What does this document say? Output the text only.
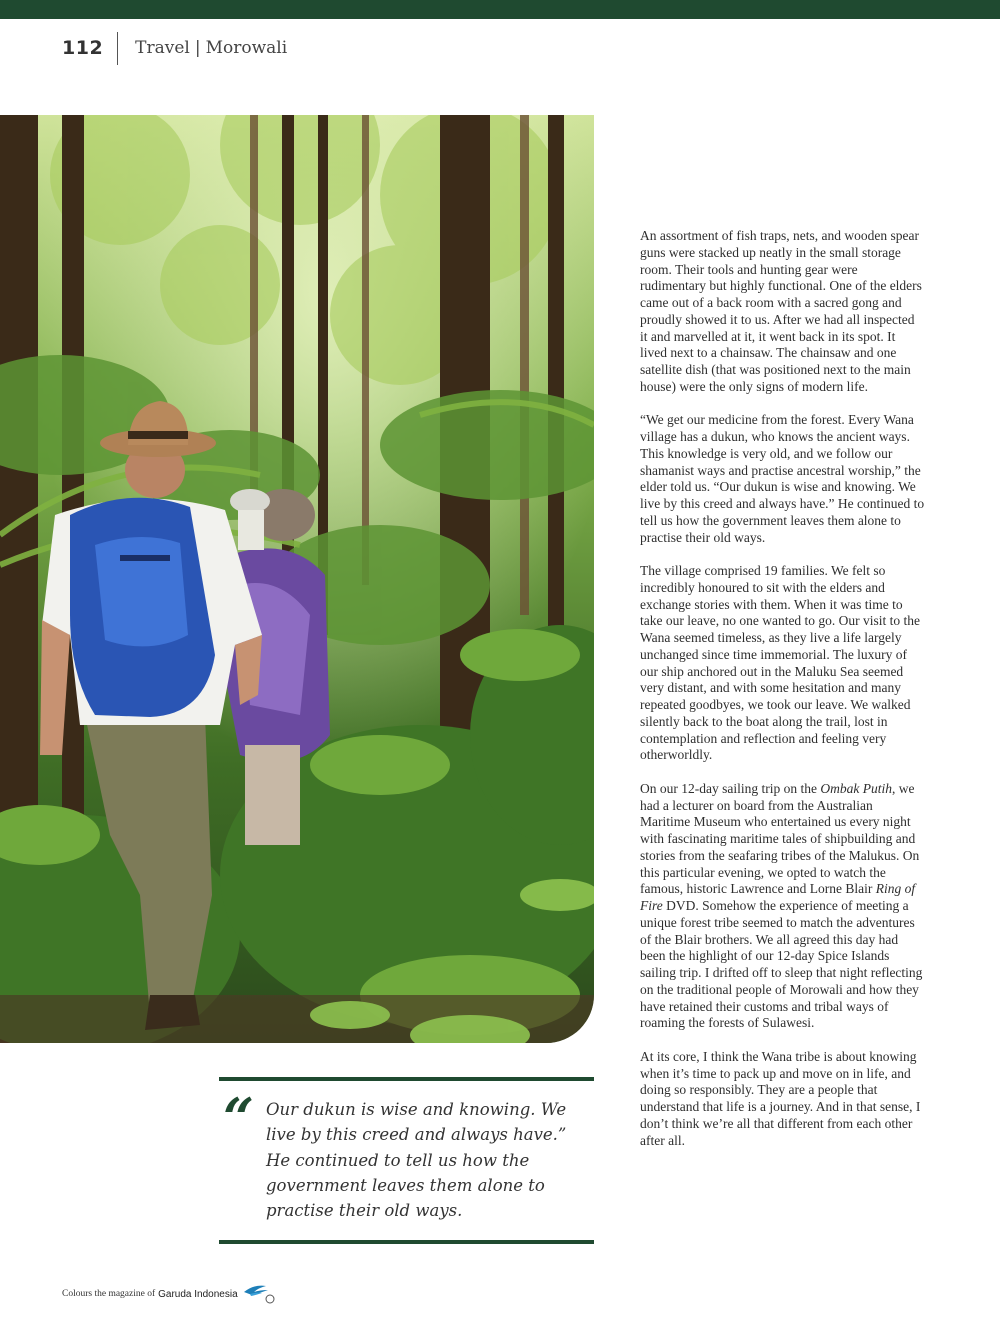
112 Travel | Morowali
“ Our dukun is wise and knowing. We live by this creed and always have.” He continued to tell us how the government leaves them alone to practise their old ways.

An assortment of fish traps, nets, and wooden spear guns were stacked up neatly in the small storage room. Their tools and hunting gear were rudimentary but highly functional. One of the elders came out of a back room with a sacred gong and proudly showed it to us. After we had all inspected it and marvelled at it, it went back in its spot. It lived next to a chainsaw. The chainsaw and one satellite dish (that was positioned next to the main house) were the only signs of modern life.

“We get our medicine from the forest. Every Wana village has a dukun, who knows the ancient ways. This knowledge is very old, and we follow our shamanist ways and practise ancestral worship,” the elder told us. “Our dukun is wise and knowing. We live by this creed and always have.” He continued to tell us how the government leaves them alone to practise their old ways.

The village comprised 19 families. We felt so incredibly honoured to sit with the elders and exchange stories with them. When it was time to take our leave, no one wanted to go. Our visit to the Wana seemed timeless, as they live a life largely unchanged since time immemorial. The luxury of our ship anchored out in the Maluku Sea seemed very distant, and with some hesitation and many repeated goodbyes, we took our leave. We walked silently back to the boat along the trail, lost in contemplation and reflection and feeling very otherworldly.

On our 12-day sailing trip on the Ombak Putih, we had a lecturer on board from the Australian Maritime Museum who entertained us every night with fascinating maritime tales of shipbuilding and stories from the seafaring tribes of the Malukus. On this particular evening, we opted to watch the famous, historic Lawrence and Lorne Blair Ring of Fire DVD. Somehow the experience of meeting a unique forest tribe seemed to match the adventures of the Blair brothers. We all agreed this day had been the highlight of our 12-day Spice Islands sailing trip. I drifted off to sleep that night reflecting on the traditional people of Morowali and how they have retained their customs and tribal ways of roaming the forests of Sulawesi.

At its core, I think the Wana tribe is about knowing when it’s time to pack up and move on in life, and doing so responsibly. They are a people that understand that life is a journey. And in that sense, I don’t think we’re all that different from each other after all.

Colours the magazine of Garuda Indonesia
